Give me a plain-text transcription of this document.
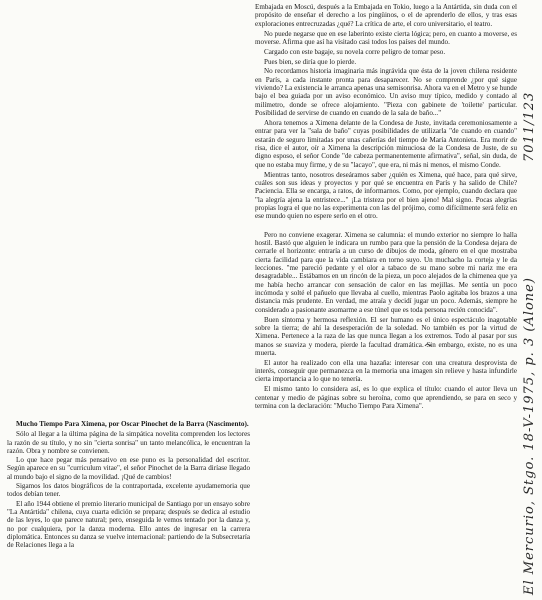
Embajada en Moscú, después a la Embajada en Tokio, luego a la Antártida, sin duda con el propósito de enseñar el derecho a los pingüinos, o el de aprenderlo de ellos, y tras esas exploraciones entrecruzadas ¿qué? La crítica de arte, el coro universitario, el teatro.

No puede negarse que en ese laberinto existe cierta lógica; pero, en cuanto a moverse, es moverse. Afirma que así ha visitado casi todos los países del mundo.

Cargado con este bagaje, su novela corre peligro de tomar peso.

Pues bien, se diría que lo pierde.

No recordamos historia imaginaria más ingrávida que ésta de la joven chilena residente en París, a cada instante pronta para desaparecer. No se comprende ¿por qué sigue viviendo? La existencia le arranca apenas una semisonrisa. Ahora va en el Metro y se hunde bajo el bea guiada por un aviso económico. Un aviso muy típico, medido y contado al milímetro, donde se ofrece alojamiento. "Pieza con gabinete de 'toilette' particular. Posibilidad de servirse de cuando en cuando de la sala de baño..."

Ahora tenemos a Ximena delante de la Condesa de Juste, invitada ceremoniosamente a entrar para ver la "sala de baño" cuyas posibilidades de utilizarla "de cuando en cuando" estarán de seguro limitadas por unas cañerías del tiempo de María Antonieta. Era morir de risa, dice el autor, oír a Ximena la descripción minuciosa de la Condesa de Juste, de su digno esposo, el señor Conde "de cabeza permanentemente afirmativa", señal, sin duda, de que no estaba muy firme, y de su "lacayo", que era, ni más ni menos, el mismo Conde.

Mientras tanto, nosotros deseáramos saber ¿quién es Ximena, qué hace, para qué sirve, cuáles son sus ideas y proyectos y por qué se encuentra en París y ha salido de Chile? Paciencia. Ella se encarga, a ratos, de informarnos. Como, por ejemplo, cuando declara que "la alegría ajena la entristece..." ¡La tristeza por el bien ajeno! Mal signo. Pocas alegrías propias logra el que no las experimenta con las del prójimo, como difícilmente será feliz en ese mundo quien no espere serlo en el otro.

Pero no conviene exagerar. Ximena se calumnia: el mundo exterior no siempre lo halla hostil. Bastó que alguien le indicara un rumbo para que la pensión de la Condesa dejara de cerrarle el horizonte: entraría a un curso de dibujos de moda, género en el que mostraba cierta facilidad para que la vida cambiara en torno suyo. Un muchacho la corteja y le da lecciones. "me pareció pedante y el olor a tabaco de su mano sobre mi nariz me era desagradable... Estábamos en un rincón de la pieza, un poco alejados de la chimenea que ya me había hecho arrancar con sensación de calor en las mejillas. Me sentía un poco incómoda y solté el pañuelo que llevaba al cuello, mientras Paolo agitaba los brazos a una distancia más prudente. En verdad, me atraía y decidí jugar un poco. Además, siempre he considerado a pasionante asomarme a ese túnel que es toda persona recién conocida".

Buen síntoma y hermosa reflexión. El ser humano es el único espectáculo inagotable sobre la tierra; de ahí la desesperación de la soledad. No también es por la virtud de Ximena. Pertenece a la raza de las que nunca llegan a los extremos. Todo al pasar por sus manos se suaviza y modera, pierde la facultad dramática. Sin embargo, existe, no es una muerta.

El autor ha realizado con ella una hazaña: interesar con una creatura desprovista de interés, conseguir que permanezca en la memoria una imagen sin relieve y hasta infundirle cierta importancia a lo que no tenería.

El mismo tanto lo considera así, es lo que explica el título: cuando el autor lleva un centenar y medio de páginas sobre su heroína, como que aprendiendo, se para en seco y termina con la declaración: "Mucho Tiempo Para Ximena".

Mucho Tiempo Para Ximena, por Oscar Pinochet de la Barra (Nascimento).

Sólo al llegar a la última página de la simpática novelita comprenden los lectores la razón de su título, y no sin "cierta sonrisa" un tanto melancólica, le encuentran la razón. Obra y nombre se convienen.

Lo que hace pegar más pensativo en ese puno es la personalidad del escritor. Según aparece en su "curriculum vitae", el señor Pinochet de la Barra diríase llegado al mundo bajo el signo de la movilidad. ¡Qué de cambios!

Sigamos los datos biográficos de la contraportada, excelente ayudamemoria que todos debían tener.

El año 1944 obtiene el premio literario municipal de Santiago por un ensayo sobre "La Antártida" chilena, cuya cuarta edición se prepara; después se dedica al estudio de las leyes, lo que parece natural; pero, enseguida le vemos tentado por la danza y, no por cualquiera, por la danza moderna. Ello antes de ingresar en la carrera diplomática. Entonces su danza se vuelve internacional: partiendo de la Subsecretaría de Relaciones llega a la

7011/123
El Mercurio, Stgo. 18-V-1975, p. 3 (Alone)
